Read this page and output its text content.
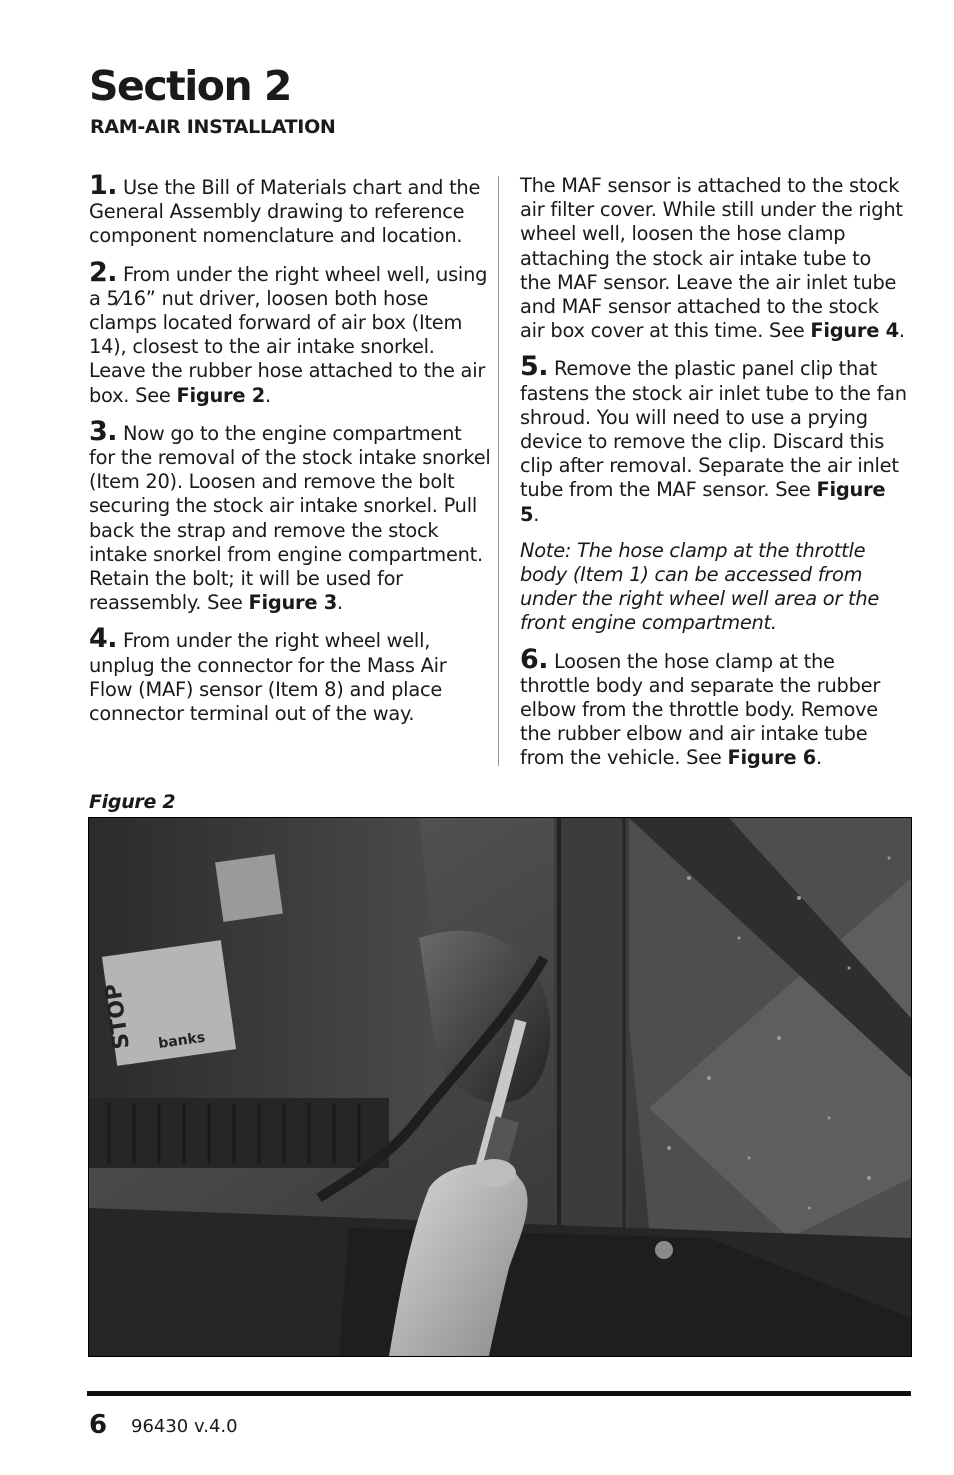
Section 2
RAM-AIR INSTALLATION

1. Use the Bill of Materials chart and the General Assembly drawing to reference component nomenclature and location.

2. From under the right wheel well, using a 5⁄16” nut driver, loosen both hose clamps located forward of air box (Item 14), closest to the air intake snorkel. Leave the rubber hose attached to the air box. See Figure 2.

3. Now go to the engine compartment for the removal of the stock intake snorkel (Item 20). Loosen and remove the bolt securing the stock air intake snorkel. Pull back the strap and remove the stock intake snorkel from engine compartment. Retain the bolt; it will be used for reassembly. See Figure 3.

4. From under the right wheel well, unplug the connector for the Mass Air Flow (MAF) sensor (Item 8) and place connector terminal out of the way.

The MAF sensor is attached to the stock air filter cover. While still under the right wheel well, loosen the hose clamp attaching the stock air intake tube to the MAF sensor. Leave the air inlet tube and MAF sensor attached to the stock air box cover at this time. See Figure 4.

5. Remove the plastic panel clip that fastens the stock air inlet tube to the fan shroud. You will need to use a prying device to remove the clip. Discard this clip after removal. Separate the air inlet tube from the MAF sensor. See Figure 5.

Note: The hose clamp at the throttle body (Item 1) can be accessed from under the right wheel well area or the front engine compartment.

6. Loosen the hose clamp at the throttle body and separate the rubber elbow from the throttle body. Remove the rubber elbow and air intake tube from the vehicle. See Figure 6.

Figure 2
STOP banks
6 96430 v.4.0
